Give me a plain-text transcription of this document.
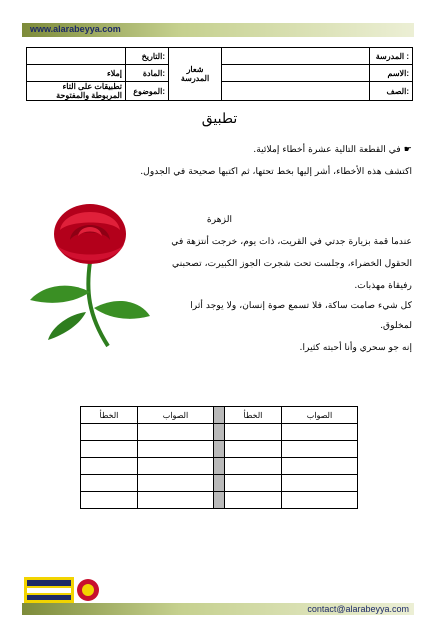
www.alarabeyya.com
	التاريخ:	شعار المدرسة		المدرسة :
إملاء	المادة:			الاسم:
تطبيقات على التاء المربوطة والمفتوحة	الموضوع:			الصف:
تطبيق
☛ في القطعة التالية عشرة أخطاء إملائية.
اكتشف هذه الأخطاء، أشر إليها بخط تحتها، ثم اكتبها صحيحة في الجدول.
الزهرة
عندما قمة بزيارة جدتي في القريت، ذات يوم، خرجت أنتزهة في
الحقول الخضراء، وجلست تحت شجرت الجوز الكبيرت، تصحبني
رفيقاة مهذبات.
كل شيء صامت ساكة، فلا تسمع صوة إنسان، ولا يوجد أثرا
لمخلوق.
إنه جو سحري وأنا أحبته كثيرا.
الخطأ	الصواب		الخطأ	الصواب

contact@alarabeyya.com
